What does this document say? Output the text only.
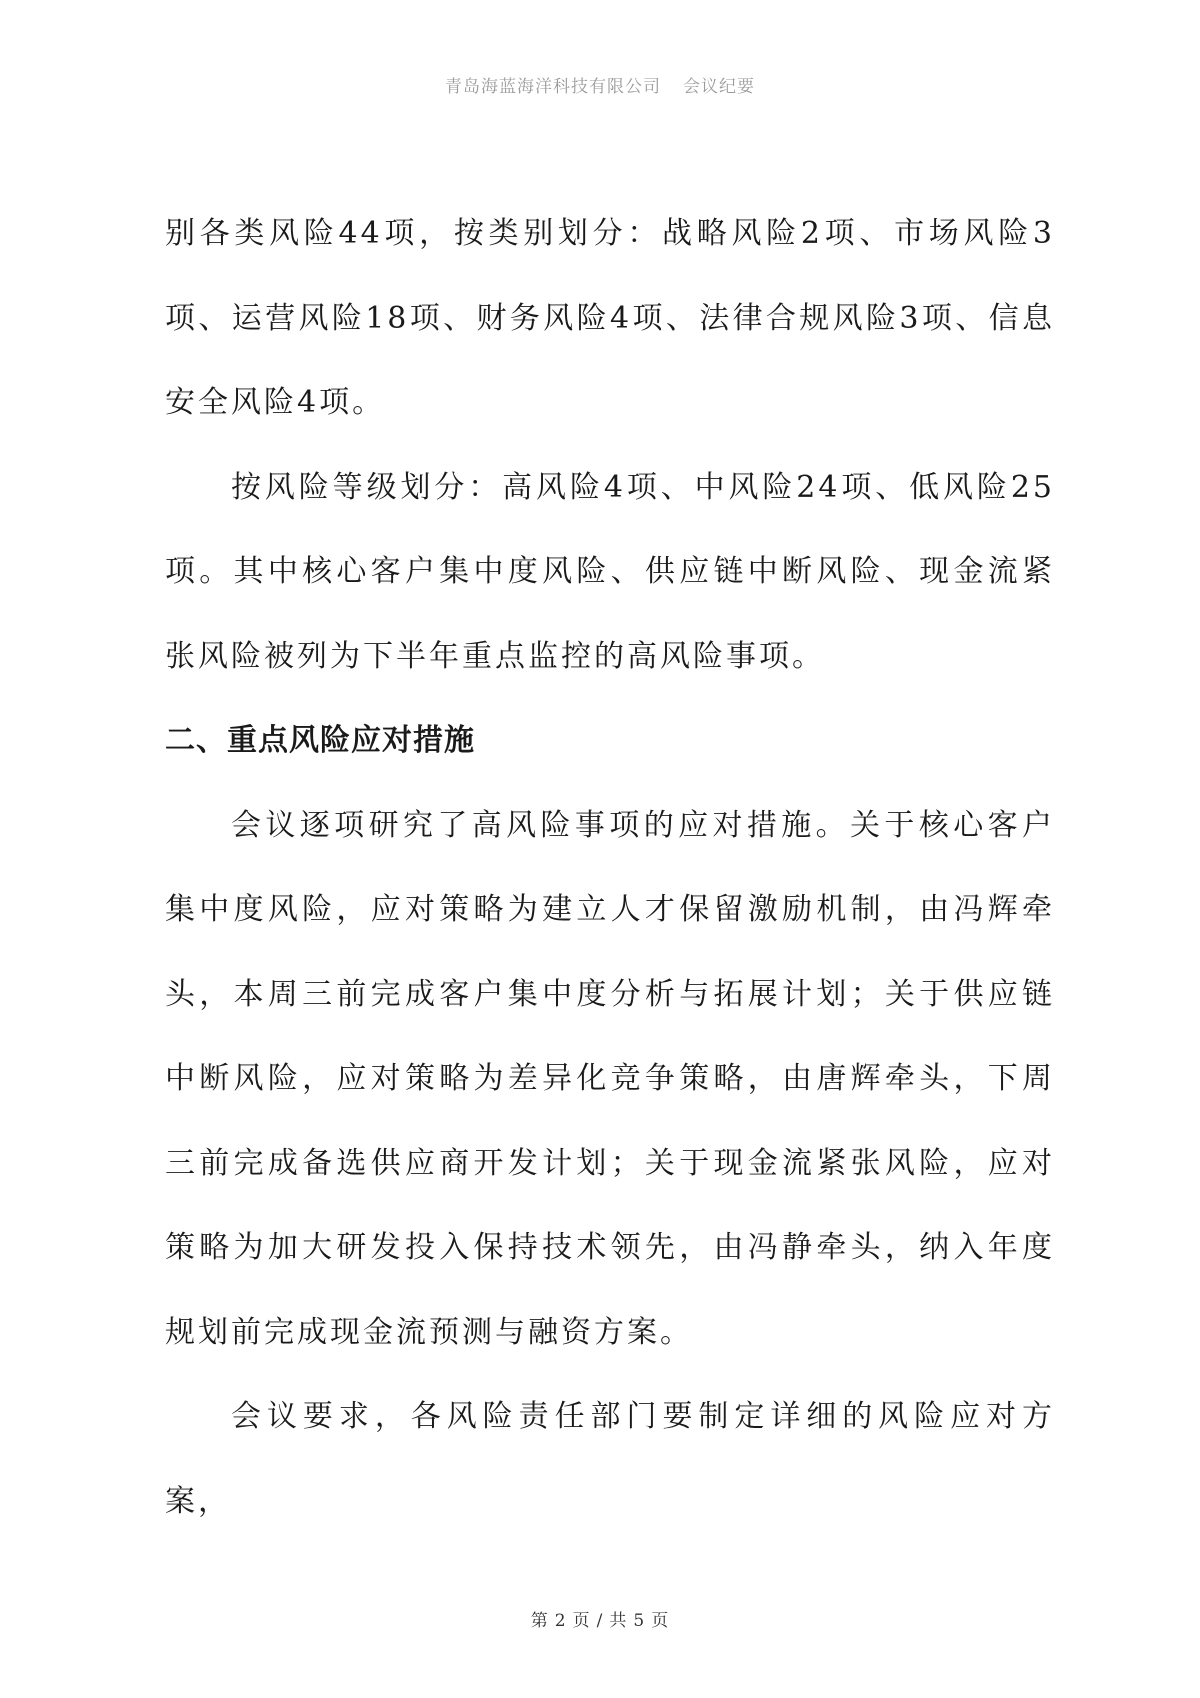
青岛海蓝海洋科技有限公司 会议纪要

别各类风险44项，按类别划分：战略风险2项、市场风险3项、运营风险18项、财务风险4项、法律合规风险3项、信息安全风险4项。

按风险等级划分：高风险4项、中风险24项、低风险25项。其中核心客户集中度风险、供应链中断风险、现金流紧张风险被列为下半年重点监控的高风险事项。

二、重点风险应对措施

会议逐项研究了高风险事项的应对措施。关于核心客户集中度风险，应对策略为建立人才保留激励机制，由冯辉牵头，本周三前完成客户集中度分析与拓展计划；关于供应链中断风险，应对策略为差异化竞争策略，由唐辉牵头，下周三前完成备选供应商开发计划；关于现金流紧张风险，应对策略为加大研发投入保持技术领先，由冯静牵头，纳入年度规划前完成现金流预测与融资方案。

会议要求，各风险责任部门要制定详细的风险应对方案，

第 2 页 / 共 5 页
